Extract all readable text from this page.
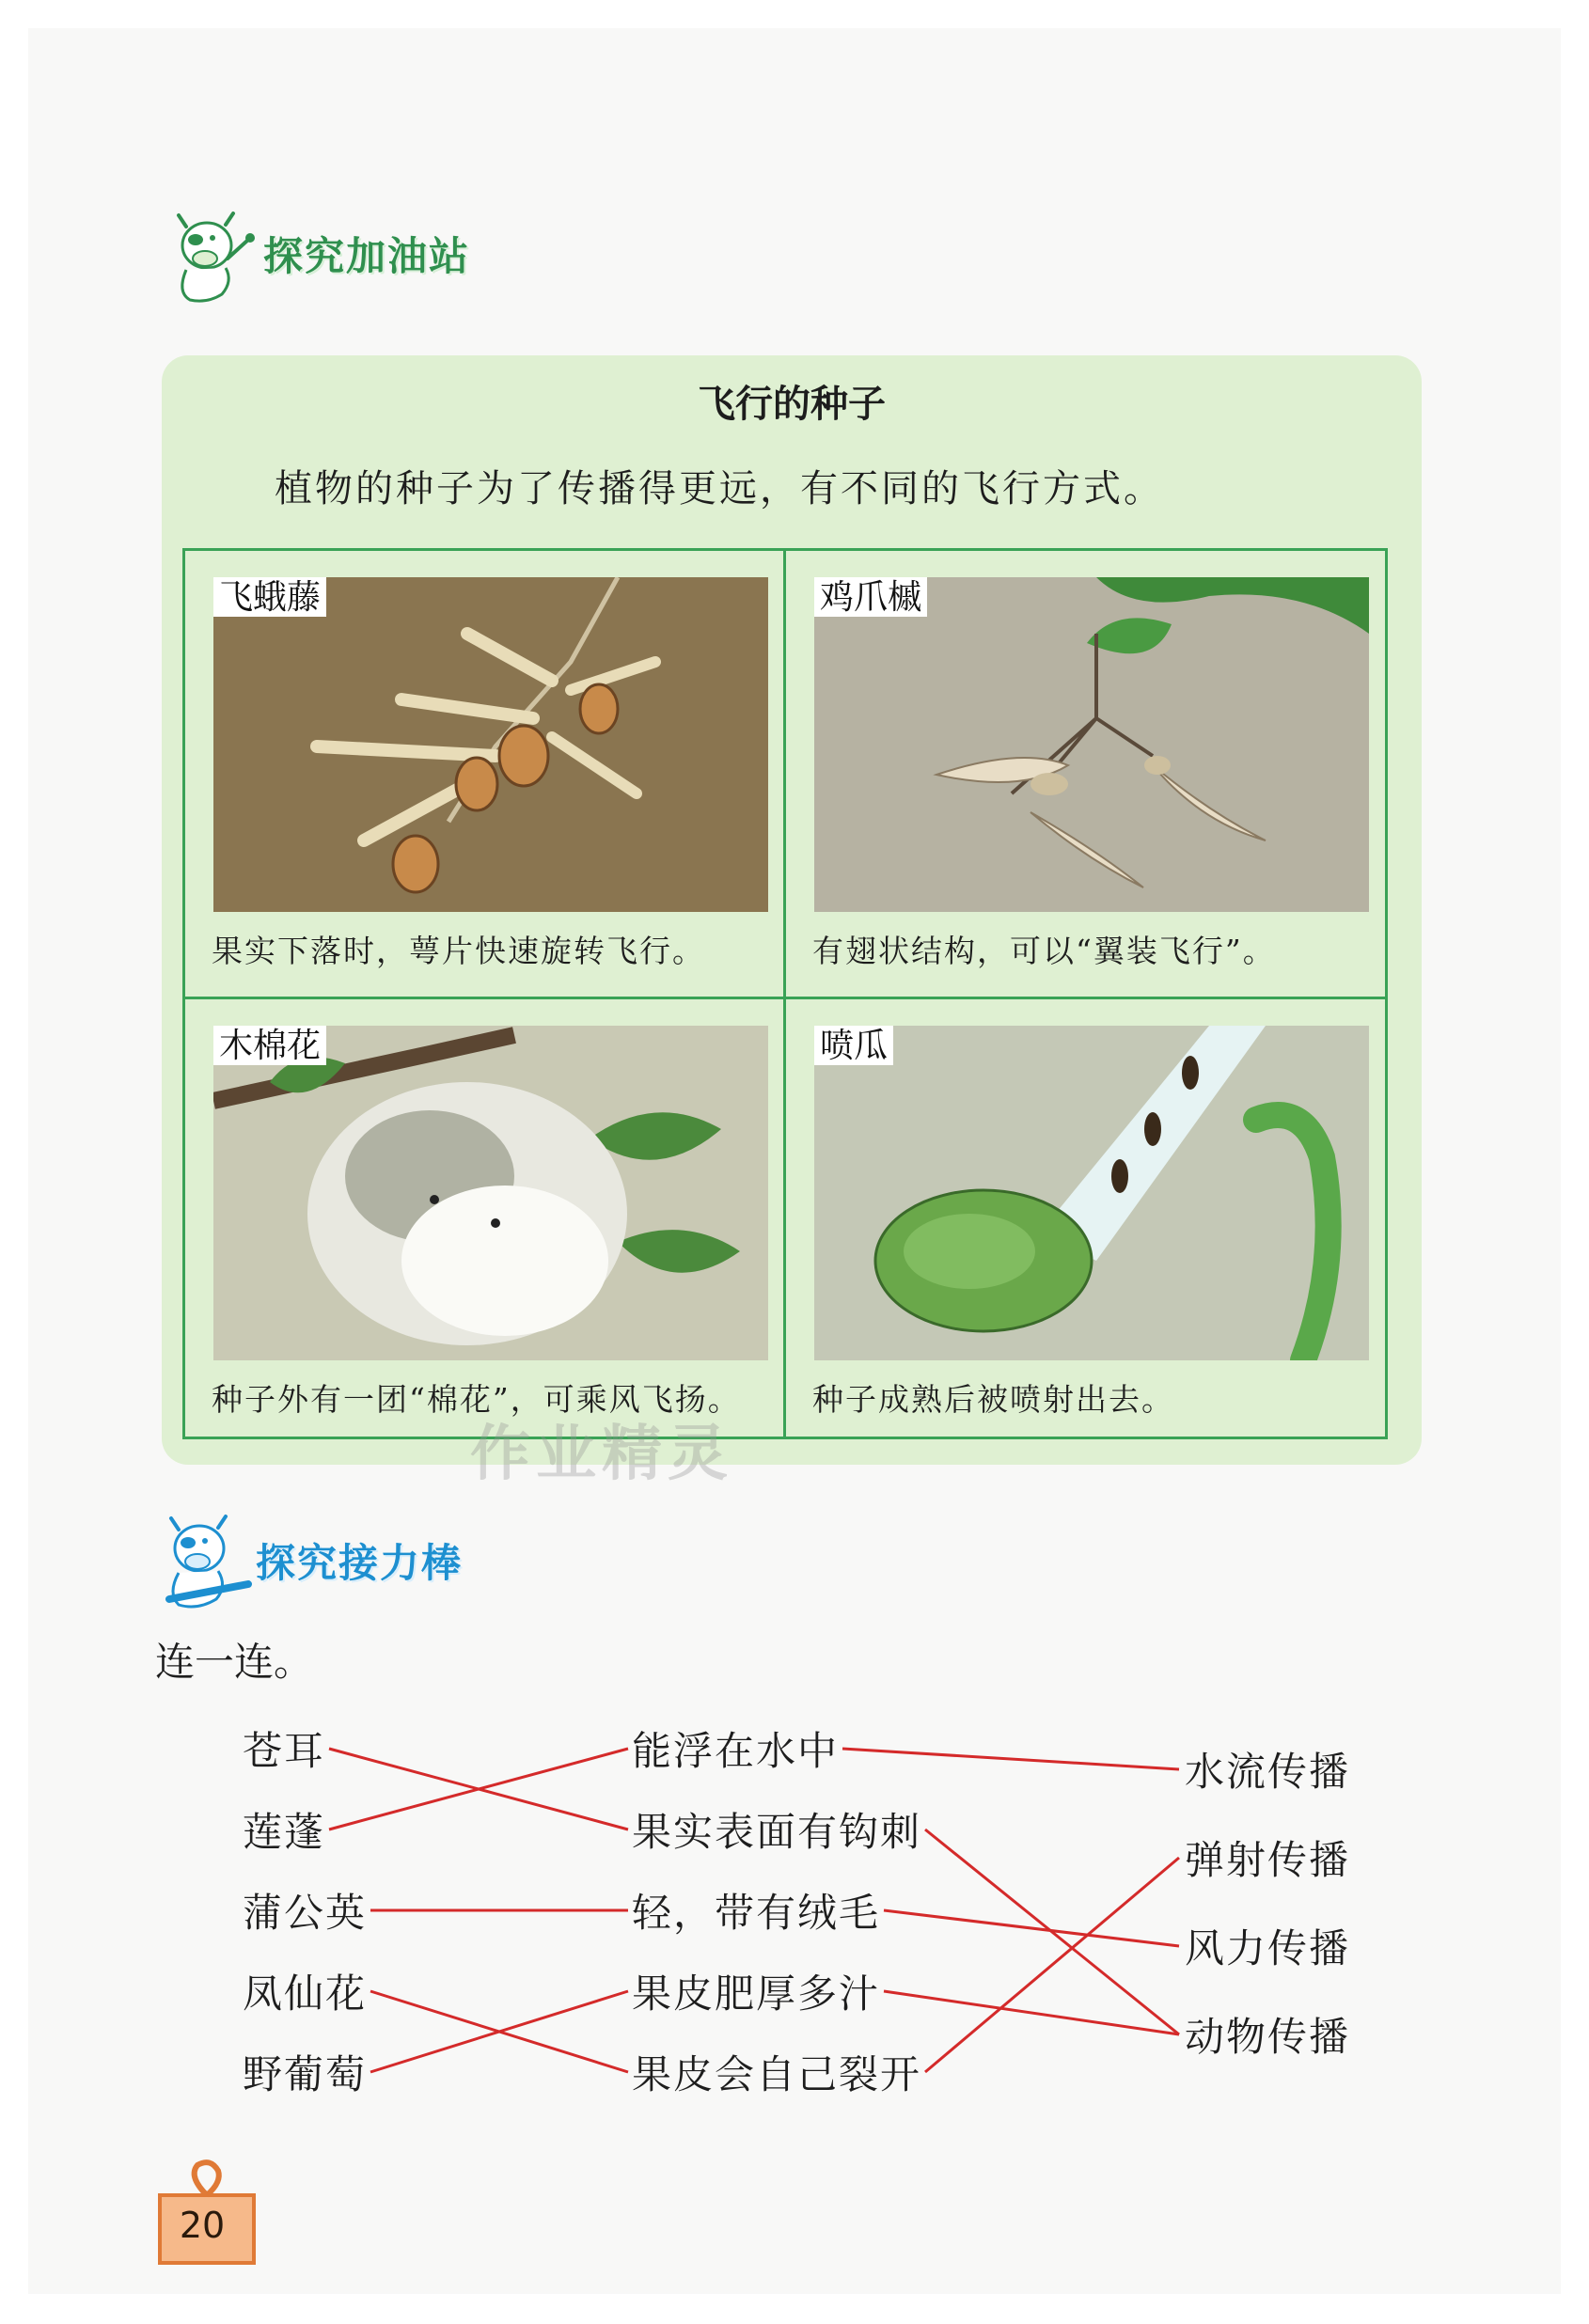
探究加油站
飞行的种子
植物的种子为了传播得更远，有不同的飞行方式。
飞蛾藤
果实下落时，萼片快速旋转飞行。
鸡爪槭
有翅状结构，可以“翼装飞行”。
木棉花
种子外有一团“棉花”，可乘风飞扬。
喷瓜
种子成熟后被喷射出去。
作业精灵
探究接力棒
连一连。
苍耳
莲蓬
蒲公英
凤仙花
野葡萄
能浮在水中
果实表面有钩刺
轻，带有绒毛
果皮肥厚多汁
果皮会自己裂开
水流传播
弹射传播
风力传播
动物传播
20
